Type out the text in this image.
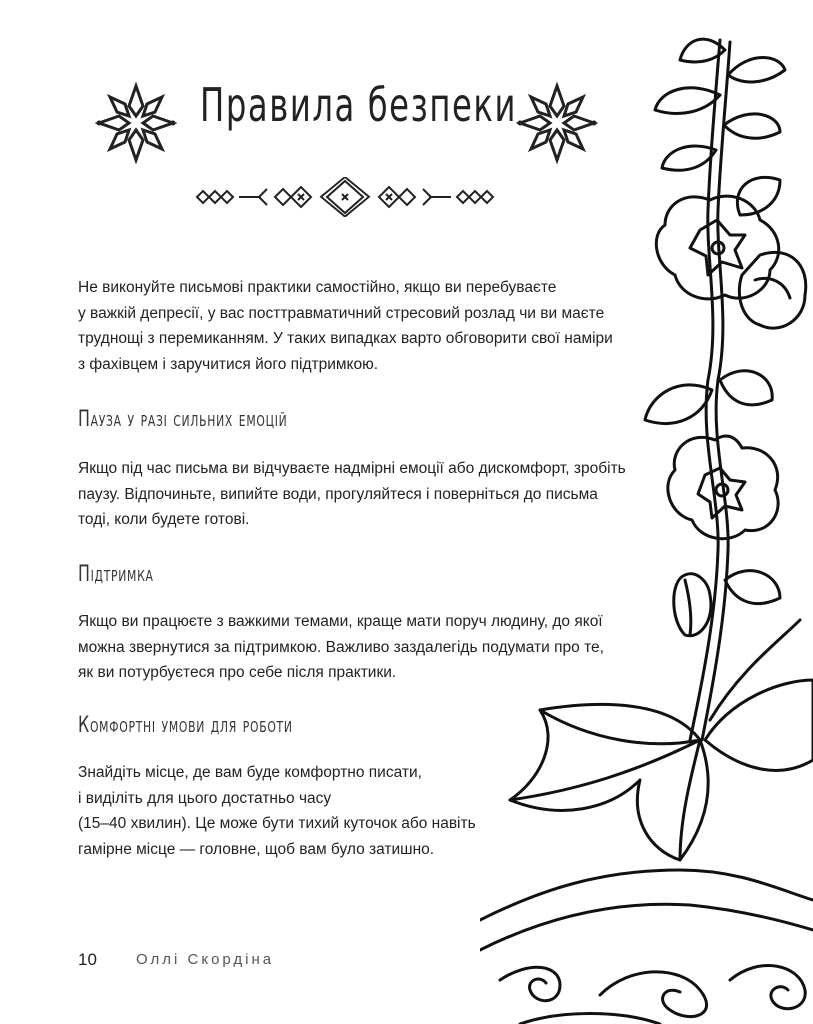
Правила безпеки
Не виконуйте письмові практики самостійно, якщо ви перебуваєте
у важкій депресії, у вас посттравматичний стресовий розлад чи ви маєте
труднощі з перемиканням. У таких випадках варто обговорити свої наміри
з фахівцем і заручитися його підтримкою.
Пауза у разі сильних емоцій
Якщо під час письма ви відчуваєте надмірні емоції або дискомфорт, зробіть
паузу. Відпочиньте, випийте води, прогуляйтеся і поверніться до письма
тоді, коли будете готові.
Підтримка
Якщо ви працюєте з важкими темами, краще мати поруч людину, до якої
можна звернутися за підтримкою. Важливо заздалегідь подумати про те,
як ви потурбуєтеся про себе після практики.
Комфортні умови для роботи
Знайдіть місце, де вам буде комфортно писати,
і виділіть для цього достатньо часу
(15–40 хвилин). Це може бути тихий куточок або навіть
гамірне місце — головне, щоб вам було затишно.
10	Оллі Скордіна
